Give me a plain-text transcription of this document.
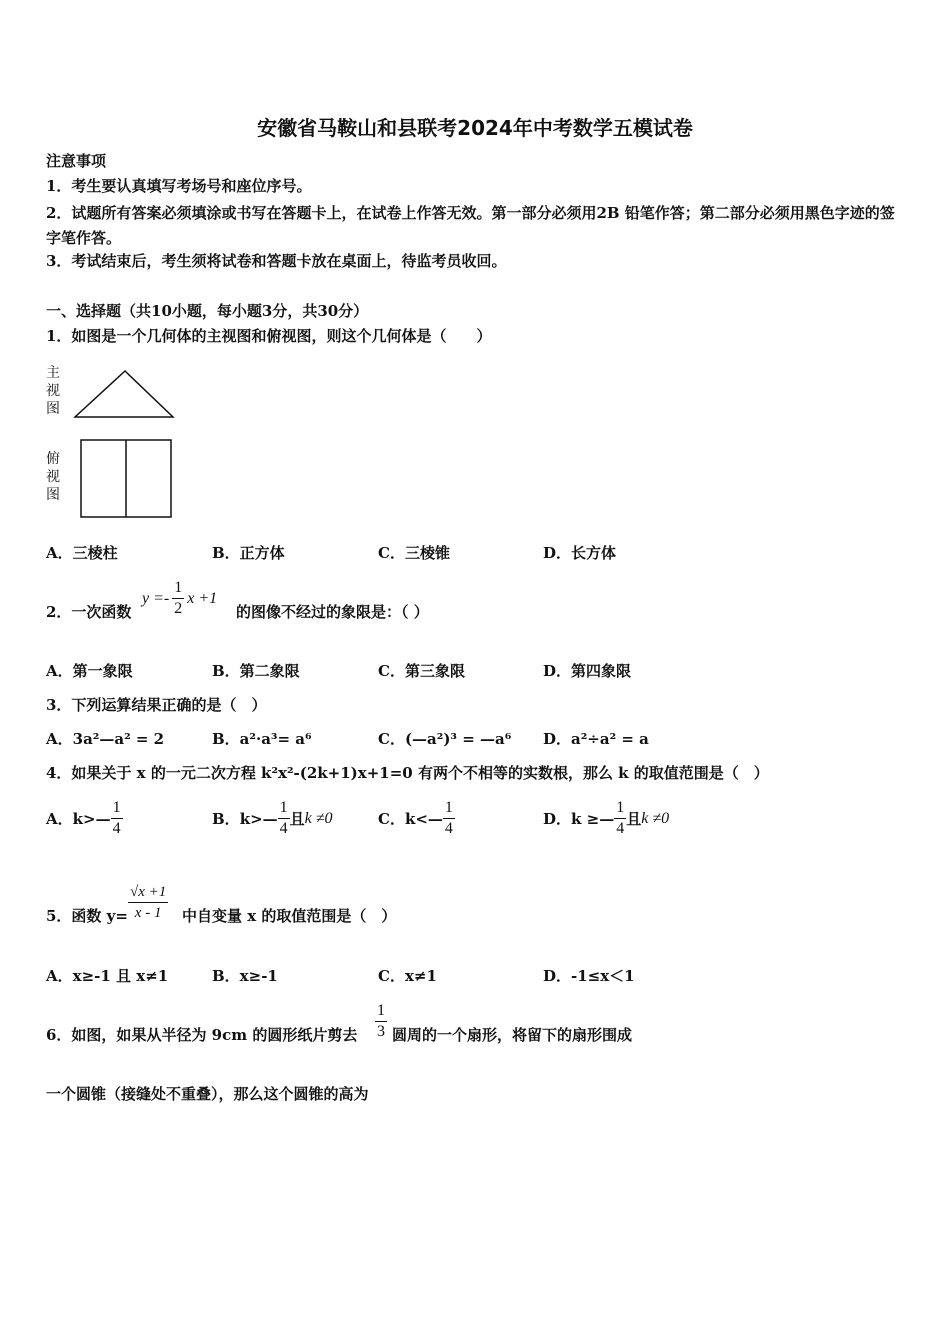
安徽省马鞍山和县联考2024年中考数学五模试卷
注意事项
1．考生要认真填写考场号和座位序号。
2．试题所有答案必须填涂或书写在答题卡上，在试卷上作答无效。第一部分必须用2B 铅笔作答；第二部分必须用黑色字迹的签字笔作答。
3．考试结束后，考生须将试卷和答题卡放在桌面上，待监考员收回。
一、选择题（共10小题，每小题3分，共30分）
1．如图是一个几何体的主视图和俯视图，则这个几何体是（　　）
主视图
俯视图
A．三棱柱	B．正方体	C．三棱锥	D．长方体
2．一次函数
$y =- \frac{1}{2}$ x +1
的图像不经过的象限是：（ ）
A．第一象限	B．第二象限	C．第三象限	D．第四象限
3．下列运算结果正确的是（　）
A．3a²—a² = 2	B．a²·a³= a⁶	C．(—a²)³ = —a⁶ D．a²÷a² = a
4．如果关于 x 的一元二次方程 k²x²-(2k+1)x+1=0 有两个不相等的实数根，那么 k 的取值范围是（　）
A． k>— $\frac{1}{4}$	B． k>— $\frac{1}{4}$ 且 k ≠0	C． k<— $\frac{1}{4}$	D． k ≥— $\frac{1}{4}$ 且 k ≠0
5．函数 $y= \frac{√x +1}{x - 1}$ 中自变量 x 的取值范围是（　）
A．x≥-1 且 x≠1	B．x≥-1	C．x≠1	D．-1≤x＜1
6．如图，如果从半径为 9cm 的圆形纸片剪去 $\frac{1}{3}$ 圆周的一个扇形，将留下的扇形围成
一个圆锥（接缝处不重叠），那么这个圆锥的高为
